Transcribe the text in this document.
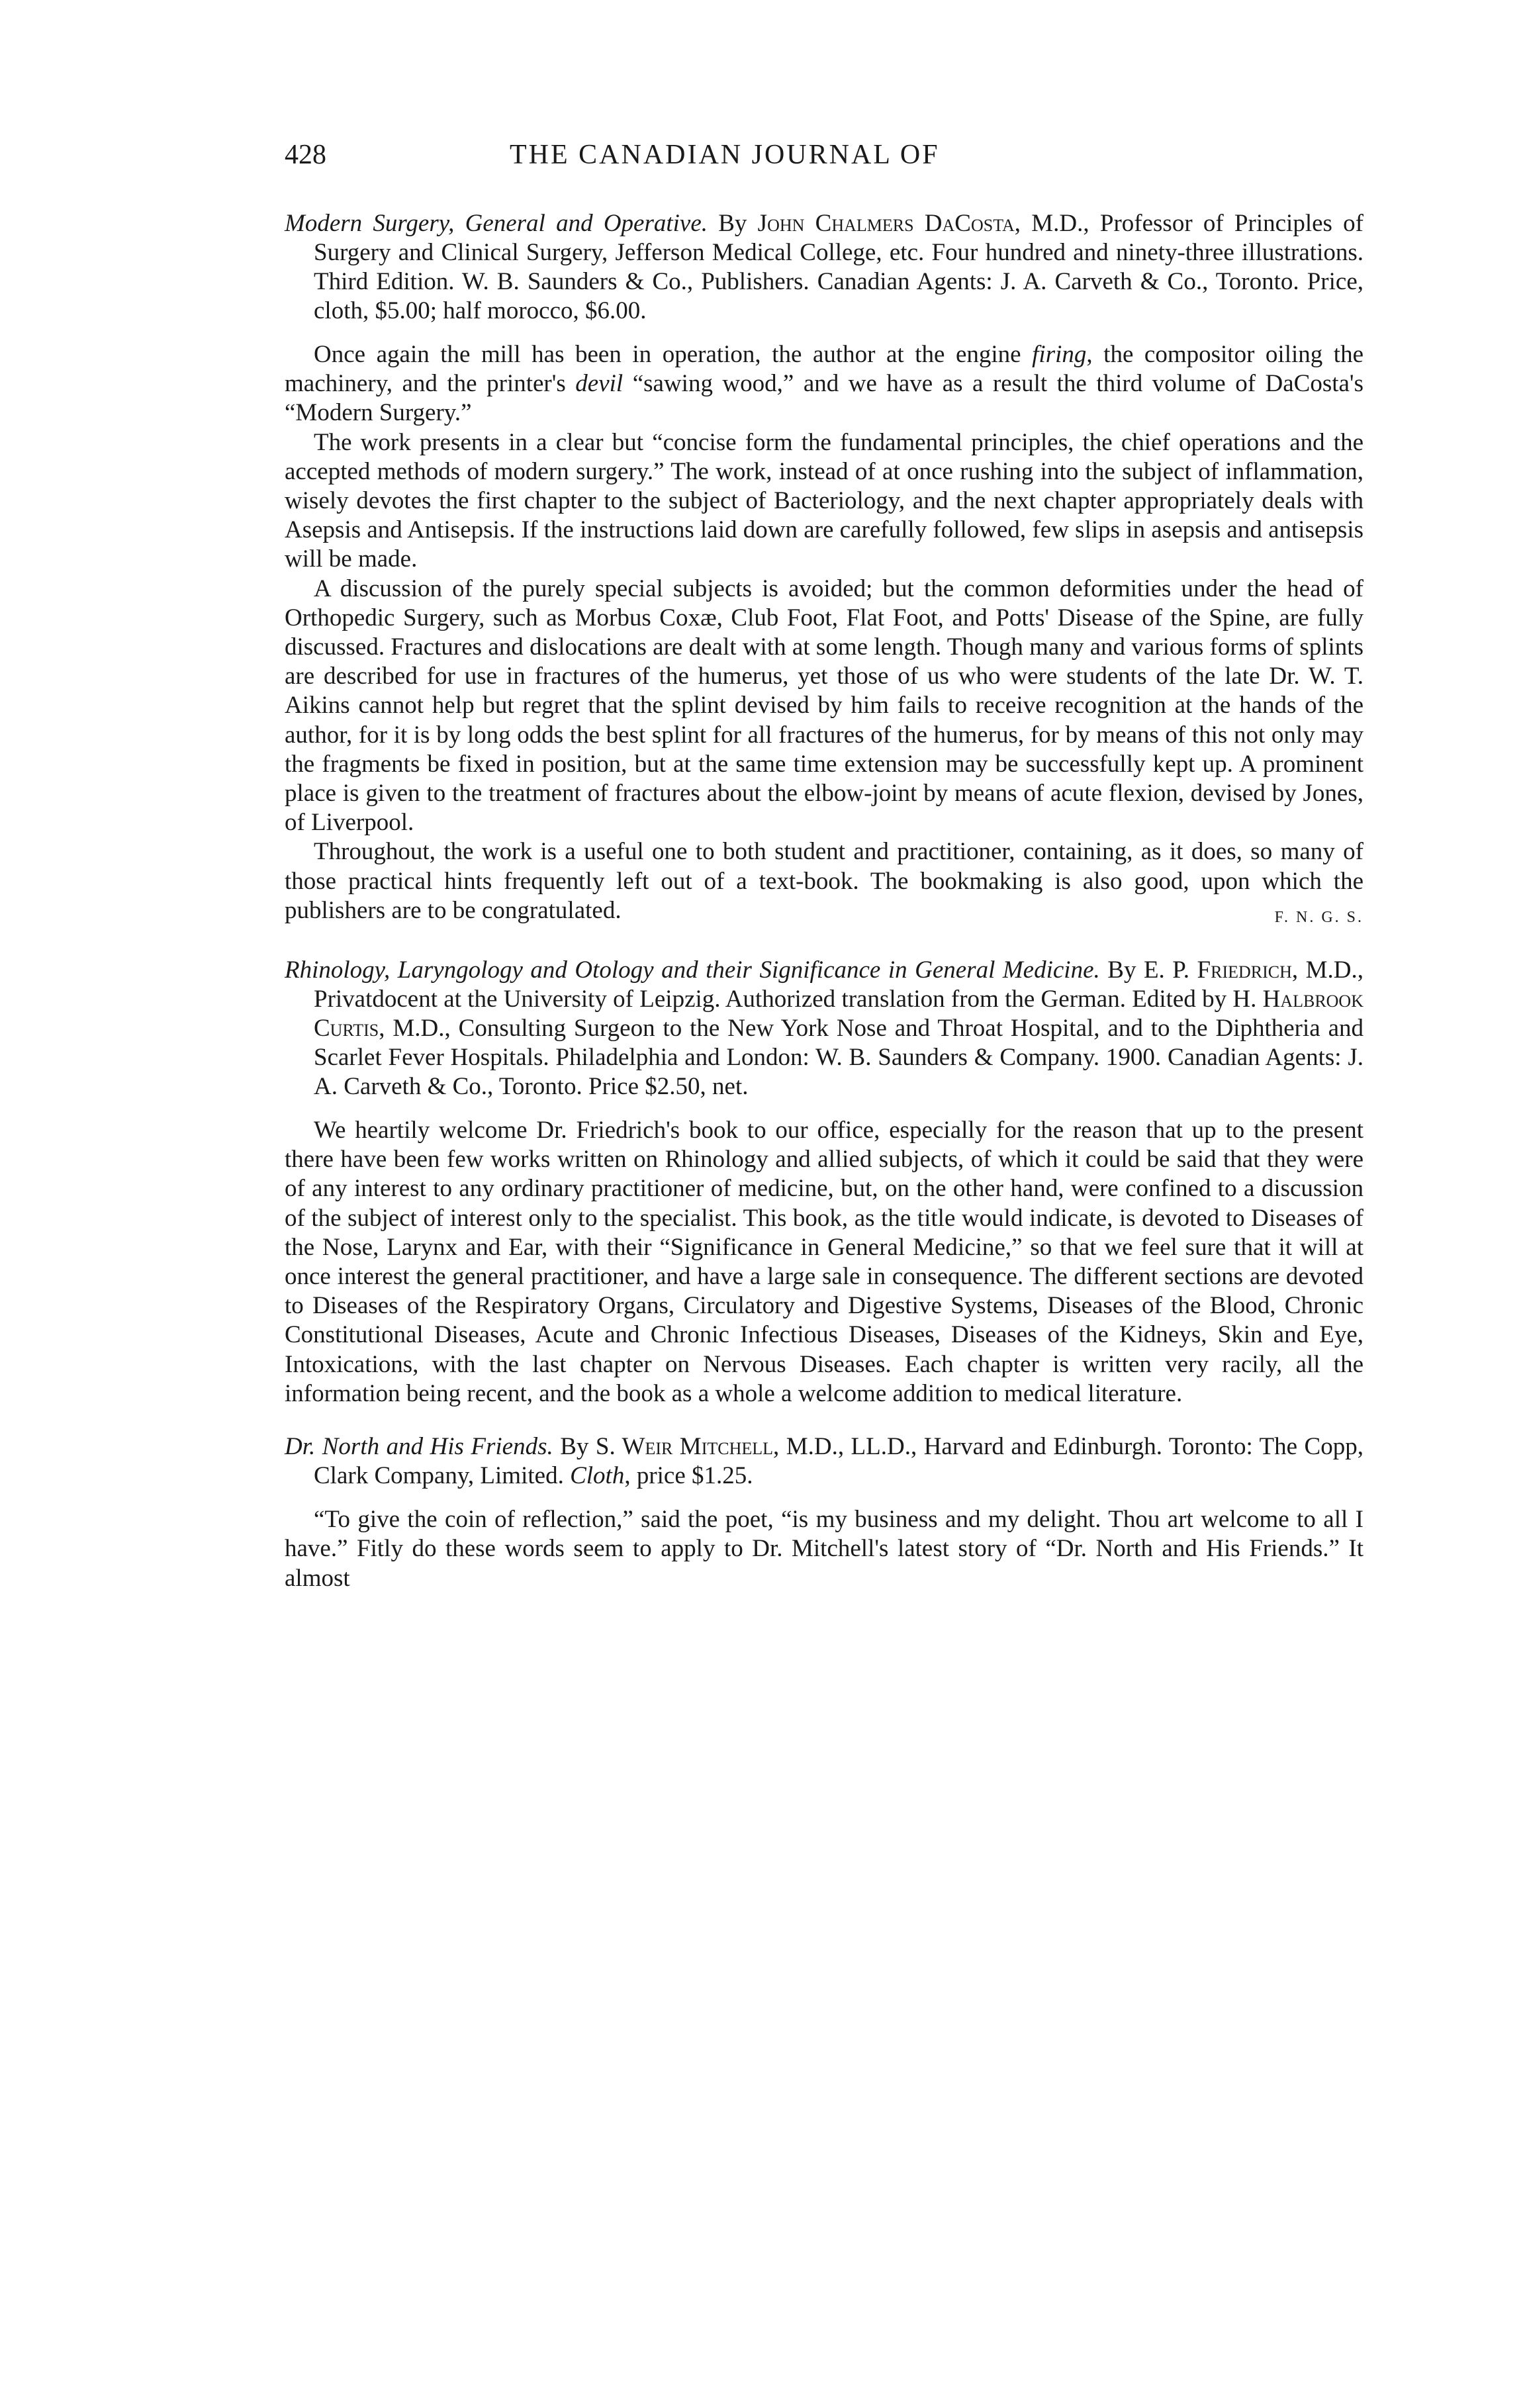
428	THE CANADIAN JOURNAL OF

Modern Surgery, General and Operative. By John Chalmers DaCosta, M.D., Professor of Principles of Surgery and Clinical Surgery, Jefferson Medical College, etc. Four hundred and ninety-three illustrations. Third Edition. W. B. Saunders & Co., Publishers. Canadian Agents: J. A. Carveth & Co., Toronto. Price, cloth, $5.00; half morocco, $6.00.

Once again the mill has been in operation, the author at the engine firing, the compositor oiling the machinery, and the printer's devil “sawing wood,” and we have as a result the third volume of DaCosta's “Modern Surgery.”

The work presents in a clear but “concise form the fundamental principles, the chief operations and the accepted methods of modern surgery.” The work, instead of at once rushing into the subject of inflammation, wisely devotes the first chapter to the subject of Bacteriology, and the next chapter appropriately deals with Asepsis and Antisepsis. If the instructions laid down are carefully followed, few slips in asepsis and antisepsis will be made.

A discussion of the purely special subjects is avoided; but the common deformities under the head of Orthopedic Surgery, such as Morbus Coxæ, Club Foot, Flat Foot, and Potts' Disease of the Spine, are fully discussed. Fractures and dislocations are dealt with at some length. Though many and various forms of splints are described for use in fractures of the humerus, yet those of us who were students of the late Dr. W. T. Aikins cannot help but regret that the splint devised by him fails to receive recognition at the hands of the author, for it is by long odds the best splint for all fractures of the humerus, for by means of this not only may the fragments be fixed in position, but at the same time extension may be successfully kept up. A prominent place is given to the treatment of fractures about the elbow-joint by means of acute flexion, devised by Jones, of Liverpool.

Throughout, the work is a useful one to both student and practitioner, containing, as it does, so many of those practical hints frequently left out of a text-book. The bookmaking is also good, upon which the publishers are to be congratulated.	F. N. G. S.

Rhinology, Laryngology and Otology and their Significance in General Medicine. By E. P. Friedrich, M.D., Privatdocent at the University of Leipzig. Authorized translation from the German. Edited by H. Halbrook Curtis, M.D., Consulting Surgeon to the New York Nose and Throat Hospital, and to the Diphtheria and Scarlet Fever Hospitals. Philadelphia and London: W. B. Saunders & Company. 1900. Canadian Agents: J. A. Carveth & Co., Toronto. Price $2.50, net.

We heartily welcome Dr. Friedrich's book to our office, especially for the reason that up to the present there have been few works written on Rhinology and allied subjects, of which it could be said that they were of any interest to any ordinary practitioner of medicine, but, on the other hand, were confined to a discussion of the subject of interest only to the specialist. This book, as the title would indicate, is devoted to Diseases of the Nose, Larynx and Ear, with their “Significance in General Medicine,” so that we feel sure that it will at once interest the general practitioner, and have a large sale in consequence. The different sections are devoted to Diseases of the Respiratory Organs, Circulatory and Digestive Systems, Diseases of the Blood, Chronic Constitutional Diseases, Acute and Chronic Infectious Diseases, Diseases of the Kidneys, Skin and Eye, Intoxications, with the last chapter on Nervous Diseases. Each chapter is written very racily, all the information being recent, and the book as a whole a welcome addition to medical literature.

Dr. North and His Friends. By S. Weir Mitchell, M.D., LL.D., Harvard and Edinburgh. Toronto: The Copp, Clark Company, Limited. Cloth, price $1.25.

“To give the coin of reflection,” said the poet, “is my business and my delight. Thou art welcome to all I have.” Fitly do these words seem to apply to Dr. Mitchell's latest story of “Dr. North and His Friends.” It almost
